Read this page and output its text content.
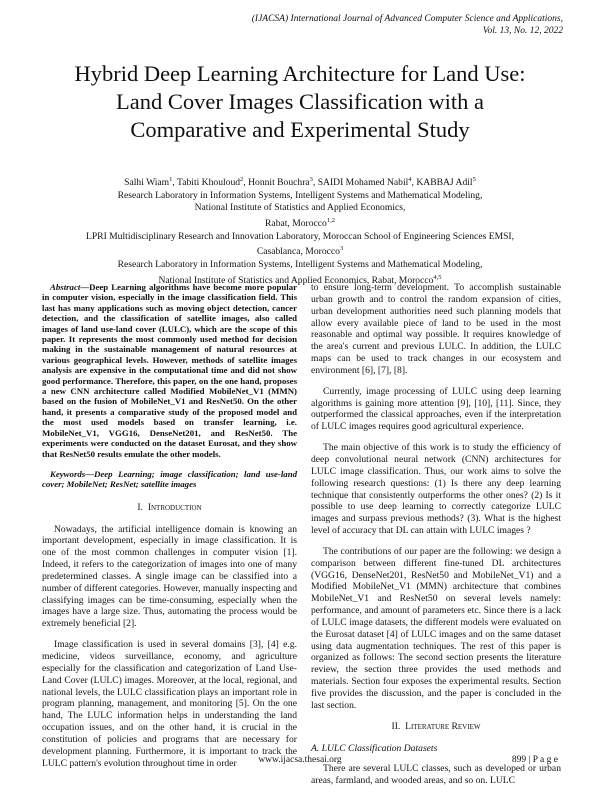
(IJACSA) International Journal of Advanced Computer Science and Applications,
Vol. 13, No. 12, 2022
Hybrid Deep Learning Architecture for Land Use:
Land Cover Images Classification with a
Comparative and Experimental Study
Salhi Wiam$^1$, Tabiti Khouloud$^2$, Honnit Bouchra$^3$, SAIDI Mohamed Nabil$^4$, KABBAJ Adil$^5$
Research Laboratory in Information Systems, Intelligent Systems and Mathematical Modeling,
National Institute of Statistics and Applied Economics,
Rabat, Morocco$^{1,2}$
LPRI Multidisciplinary Research and Innovation Laboratory, Moroccan School of Engineering Sciences EMSI,
Casablanca, Morocco$^3$
Research Laboratory in Information Systems, Intelligent Systems and Mathematical Modeling,
National Institute of Statistics and Applied Economics, Rabat, Morocco$^{4,5}$

Abstract—Deep Learning algorithms have become more popular in computer vision, especially in the image classification field. This last has many applications such as moving object detection, cancer detection, and the classification of satellite images, also called images of land use-land cover (LULC), which are the scope of this paper. It represents the most commonly used method for decision making in the sustainable management of natural resources at various geographical levels. However, methods of satellite images analysis are expensive in the computational time and did not show good performance. Therefore, this paper, on the one hand, proposes a new CNN architecture called Modified MobileNet_V1 (MMN) based on the fusion of MobileNet_V1 and ResNet50. On the other hand, it presents a comparative study of the proposed model and the most used models based on transfer learning, i.e. MobileNet_V1, VGG16, DenseNet201, and ResNet50. The experiments were conducted on the dataset Eurosat, and they show that ResNet50 results emulate the other models.

Keywords—Deep Learning; image classification; land use-land cover; MobileNet; ResNet; satellite images

I. Introduction

Nowadays, the artificial intelligence domain is knowing an important development, especially in image classification. It is one of the most common challenges in computer vision [1]. Indeed, it refers to the categorization of images into one of many predetermined classes. A single image can be classified into a number of different categories. However, manually inspecting and classifying images can be time-consuming, especially when the images have a large size. Thus, automating the process would be extremely beneficial [2].

Image classification is used in several domains [3], [4] e.g. medicine, videos surveillance, economy, and agriculture especially for the classification and categorization of Land Use-Land Cover (LULC) images. Moreover, at the local, regional, and national levels, the LULC classification plays an important role in program planning, management, and monitoring [5]. On the one hand, The LULC information helps in understanding the land occupation issues, and on the other hand, it is crucial in the constitution of policies and programs that are necessary for development planning. Furthermore, it is important to track the LULC pattern's evolution throughout time in order

to ensure long-term development. To accomplish sustainable urban growth and to control the random expansion of cities, urban development authorities need such planning models that allow every available piece of land to be used in the most reasonable and optimal way possible. It requires knowledge of the area's current and previous LULC. In addition, the LULC maps can be used to track changes in our ecosystem and environment [6], [7], [8].

Currently, image processing of LULC using deep learning algorithms is gaining more attention [9], [10], [11]. Since, they outperformed the classical approaches, even if the interpretation of LULC images requires good agricultural experience.

The main objective of this work is to study the efficiency of deep convolutional neural network (CNN) architectures for LULC image classification. Thus, our work aims to solve the following research questions: (1) Is there any deep learning technique that consistently outperforms the other ones? (2) Is it possible to use deep learning to correctly categorize LULC images and surpass previous methods? (3). What is the highest level of accuracy that DL can attain with LULC images ?

The contributions of our paper are the following: we design a comparison between different fine-tuned DL architectures (VGG16, DenseNet201, ResNet50 and MobileNet_V1) and a Modified MobileNet_V1 (MMN) architecture that combines MobileNet_V1 and ResNet50 on several levels namely: performance, and amount of parameters etc. Since there is a lack of LULC image datasets, the different models were evaluated on the Eurosat dataset [4] of LULC images and on the same dataset using data augmentation techniques. The rest of this paper is organized as follows: The second section presents the literature review, the section three provides the used methods and materials. Section four exposes the experimental results. Section five provides the discussion, and the paper is concluded in the last section.

II. Literature Review

A. LULC Classification Datasets

There are several LULC classes, such as developed or urban areas, farmland, and wooded areas, and so on. LULC

www.ijacsa.thesai.org	899 | P a g e
